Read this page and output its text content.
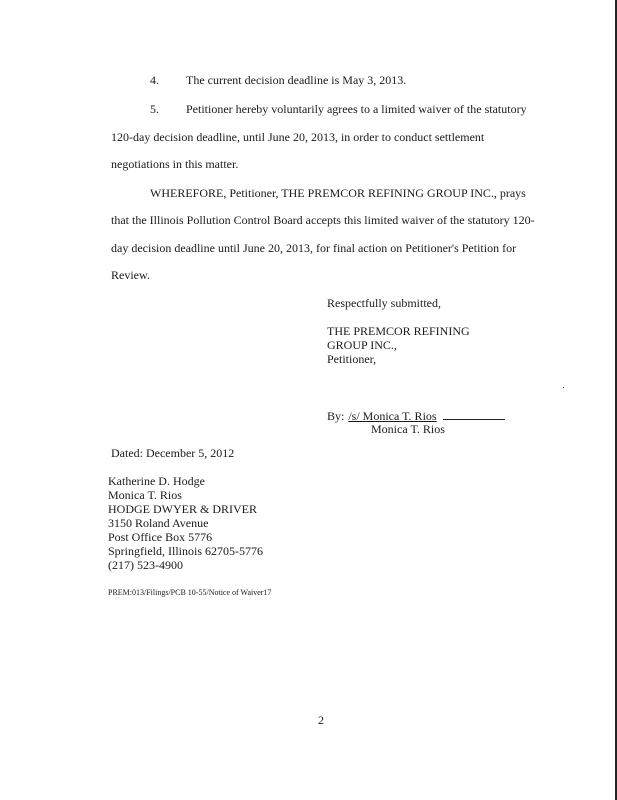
4. The current decision deadline is May 3, 2013.
5. Petitioner hereby voluntarily agrees to a limited waiver of the statutory
120-day decision deadline, until June 20, 2013, in order to conduct settlement
negotiations in this matter.
WHEREFORE, Petitioner, THE PREMCOR REFINING GROUP INC., prays
that the Illinois Pollution Control Board accepts this limited waiver of the statutory 120-
day decision deadline until June 20, 2013, for final action on Petitioner's Petition for
Review.
Respectfully submitted,
THE PREMCOR REFINING
GROUP INC.,
Petitioner,
By: /s/ Monica T. Rios
Monica T. Rios
Dated: December 5, 2012
Katherine D. Hodge
Monica T. Rios
HODGE DWYER & DRIVER
3150 Roland Avenue
Post Office Box 5776
Springfield, Illinois 62705-5776
(217) 523-4900
PREM:013/Filings/PCB 10-55/Notice of Waiver17
2
